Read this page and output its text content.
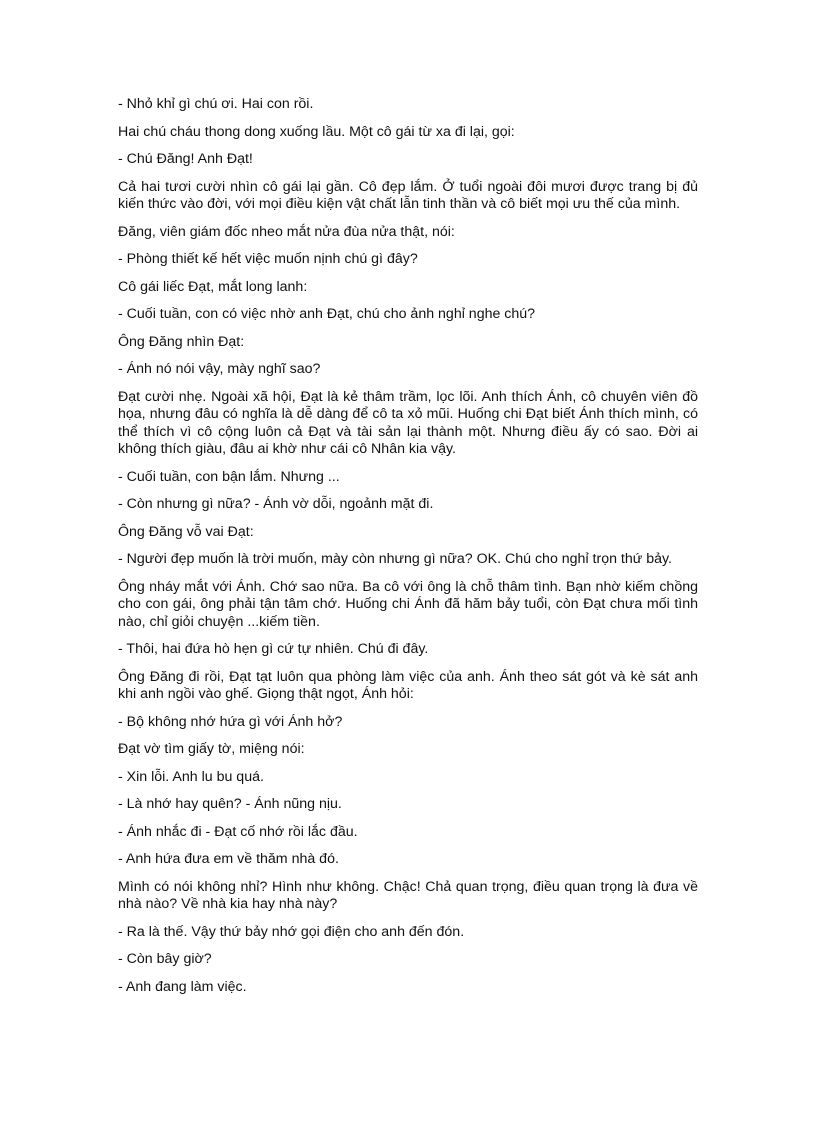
- Nhỏ khỉ gì chú ơi. Hai con rồi.

Hai chú cháu thong dong xuống lầu. Một cô gái từ xa đi lại, gọi:

- Chú Đăng! Anh Đạt!

Cả hai tươi cười nhìn cô gái lại gần. Cô đẹp lắm. Ở tuổi ngoài đôi mươi được trang bị đủ kiến thức vào đời, với mọi điều kiện vật chất lẫn tinh thần và cô biết mọi ưu thế của mình.

Đăng, viên giám đốc nheo mắt nửa đùa nửa thật, nói:

- Phòng thiết kế hết việc muốn nịnh chú gì đây?

Cô gái liếc Đạt, mắt long lanh:

- Cuối tuần, con có việc nhờ anh Đạt, chú cho ảnh nghỉ nghe chú?

Ông Đăng nhìn Đạt:

- Ánh nó nói vậy, mày nghĩ sao?

Đạt cười nhẹ. Ngoài xã hội, Đạt là kẻ thâm trầm, lọc lõi. Anh thích Ánh, cô chuyên viên đồ họa, nhưng đâu có nghĩa là dễ dàng để cô ta xỏ mũi. Huống chi Đạt biết Ánh thích mình, có thể thích vì cô cộng luôn cả Đạt và tài sản lại thành một. Nhưng điều ấy có sao. Đời ai không thích giàu, đâu ai khờ như cái cô Nhân kia vậy.

- Cuối tuần, con bận lắm. Nhưng ...

- Còn nhưng gì nữa? - Ánh vờ dỗi, ngoảnh mặt đi.

Ông Đăng vỗ vai Đạt:

- Người đẹp muốn là trời muốn, mày còn nhưng gì nữa? OK. Chú cho nghỉ trọn thứ bảy.

Ông nháy mắt với Ánh. Chớ sao nữa. Ba cô với ông là chỗ thâm tình. Bạn nhờ kiếm chồng cho con gái, ông phải tận tâm chớ. Huống chi Ánh đã hăm bảy tuổi, còn Đạt chưa mối tình nào, chỉ giỏi chuyện ...kiếm tiền.

- Thôi, hai đứa hò hẹn gì cứ tự nhiên. Chú đi đây.

Ông Đăng đi rồi, Đạt tạt luôn qua phòng làm việc của anh. Ánh theo sát gót và kè sát anh khi anh ngồi vào ghế. Giọng thật ngọt, Ánh hỏi:

- Bộ không nhớ hứa gì với Ánh hở?

Đạt vờ tìm giấy tờ, miệng nói:

- Xin lỗi. Anh lu bu quá.

- Là nhớ hay quên? - Ánh nũng nịu.

- Ánh nhắc đi - Đạt cố nhớ rồi lắc đầu.

- Anh hứa đưa em về thăm nhà đó.

Mình có nói không nhỉ? Hình như không. Chậc! Chả quan trọng, điều quan trọng là đưa về nhà nào? Về nhà kia hay nhà này?

- Ra là thế. Vậy thứ bảy nhớ gọi điện cho anh đến đón.

- Còn bây giờ?

- Anh đang làm việc.
